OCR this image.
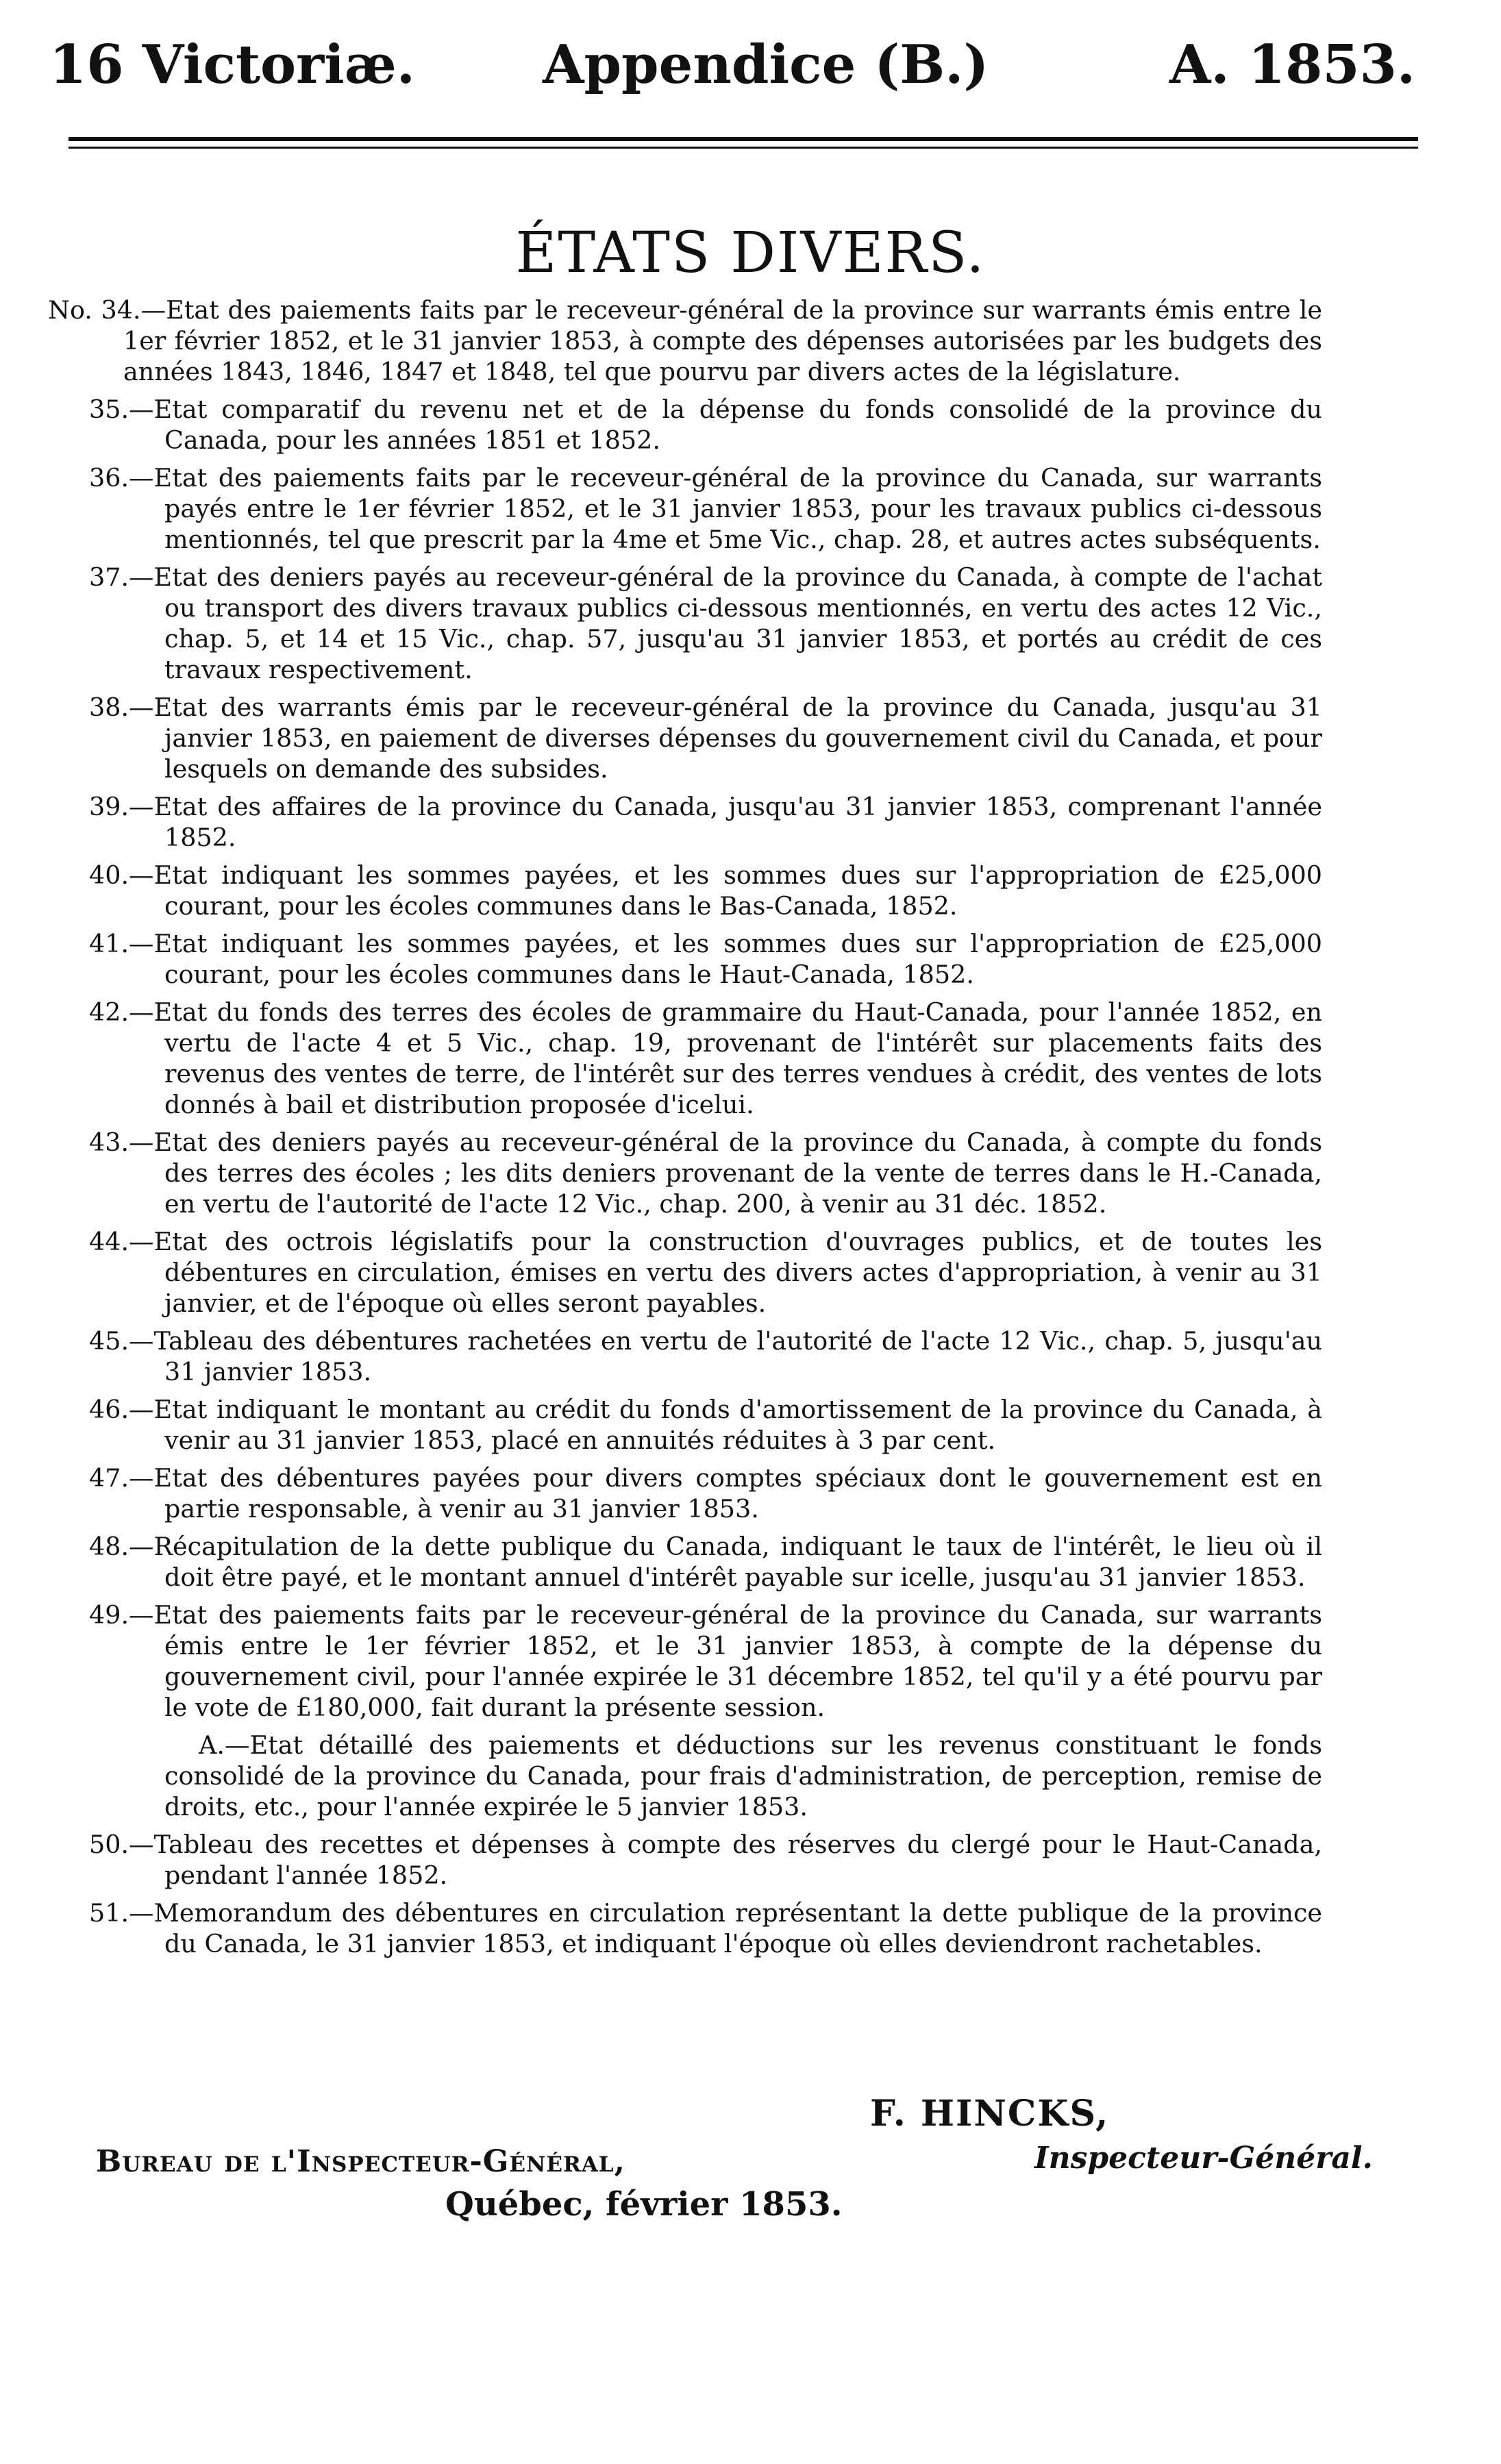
16 Victoriæ. Appendice (B.)	A. 1853.
ÉTATS DIVERS.

No. 34.—Etat des paiements faits par le receveur-général de la province sur warrants émis entre le 1er février 1852, et le 31 janvier 1853, à compte des dépenses autorisées par les budgets des années 1843, 1846, 1847 et 1848, tel que pourvu par divers actes de la législature.

35.—Etat comparatif du revenu net et de la dépense du fonds consolidé de la province du Canada, pour les années 1851 et 1852.

36.—Etat des paiements faits par le receveur-général de la province du Canada, sur warrants payés entre le 1er février 1852, et le 31 janvier 1853, pour les travaux publics ci-dessous mentionnés, tel que prescrit par la 4me et 5me Vic., chap. 28, et autres actes subséquents.

37.—Etat des deniers payés au receveur-général de la province du Canada, à compte de l'achat ou transport des divers travaux publics ci-dessous mentionnés, en vertu des actes 12 Vic., chap. 5, et 14 et 15 Vic., chap. 57, jusqu'au 31 janvier 1853, et portés au crédit de ces travaux respectivement.

38.—Etat des warrants émis par le receveur-général de la province du Canada, jusqu'au 31 janvier 1853, en paiement de diverses dépenses du gouvernement civil du Canada, et pour lesquels on demande des subsides.

39.—Etat des affaires de la province du Canada, jusqu'au 31 janvier 1853, comprenant l'année 1852.

40.—Etat indiquant les sommes payées, et les sommes dues sur l'appropriation de £25,000 courant, pour les écoles communes dans le Bas-Canada, 1852.

41.—Etat indiquant les sommes payées, et les sommes dues sur l'appropriation de £25,000 courant, pour les écoles communes dans le Haut-Canada, 1852.

42.—Etat du fonds des terres des écoles de grammaire du Haut-Canada, pour l'année 1852, en vertu de l'acte 4 et 5 Vic., chap. 19, provenant de l'intérêt sur placements faits des revenus des ventes de terre, de l'intérêt sur des terres vendues à crédit, des ventes de lots donnés à bail et distribution proposée d'icelui.

43.—Etat des deniers payés au receveur-général de la province du Canada, à compte du fonds des terres des écoles ; les dits deniers provenant de la vente de terres dans le H.-Canada, en vertu de l'autorité de l'acte 12 Vic., chap. 200, à venir au 31 déc. 1852.

44.—Etat des octrois législatifs pour la construction d'ouvrages publics, et de toutes les débentures en circulation, émises en vertu des divers actes d'appropriation, à venir au 31 janvier, et de l'époque où elles seront payables.

45.—Tableau des débentures rachetées en vertu de l'autorité de l'acte 12 Vic., chap. 5, jusqu'au 31 janvier 1853.

46.—Etat indiquant le montant au crédit du fonds d'amortissement de la province du Canada, à venir au 31 janvier 1853, placé en annuités réduites à 3 par cent.

47.—Etat des débentures payées pour divers comptes spéciaux dont le gouvernement est en partie responsable, à venir au 31 janvier 1853.

48.—Récapitulation de la dette publique du Canada, indiquant le taux de l'intérêt, le lieu où il doit être payé, et le montant annuel d'intérêt payable sur icelle, jusqu'au 31 janvier 1853.

49.—Etat des paiements faits par le receveur-général de la province du Canada, sur warrants émis entre le 1er février 1852, et le 31 janvier 1853, à compte de la dépense du gouvernement civil, pour l'année expirée le 31 décembre 1852, tel qu'il y a été pourvu par le vote de £180,000, fait durant la présente session.

A.—Etat détaillé des paiements et déductions sur les revenus constituant le fonds consolidé de la province du Canada, pour frais d'administration, de perception, remise de droits, etc., pour l'année expirée le 5 janvier 1853.

50.—Tableau des recettes et dépenses à compte des réserves du clergé pour le Haut-Canada, pendant l'année 1852.

51.—Memorandum des débentures en circulation représentant la dette publique de la province du Canada, le 31 janvier 1853, et indiquant l'époque où elles deviendront rachetables.

F. HINCKS,
Bureau de l'Inspecteur-Général,	Inspecteur-Général.
Québec, février 1853.
